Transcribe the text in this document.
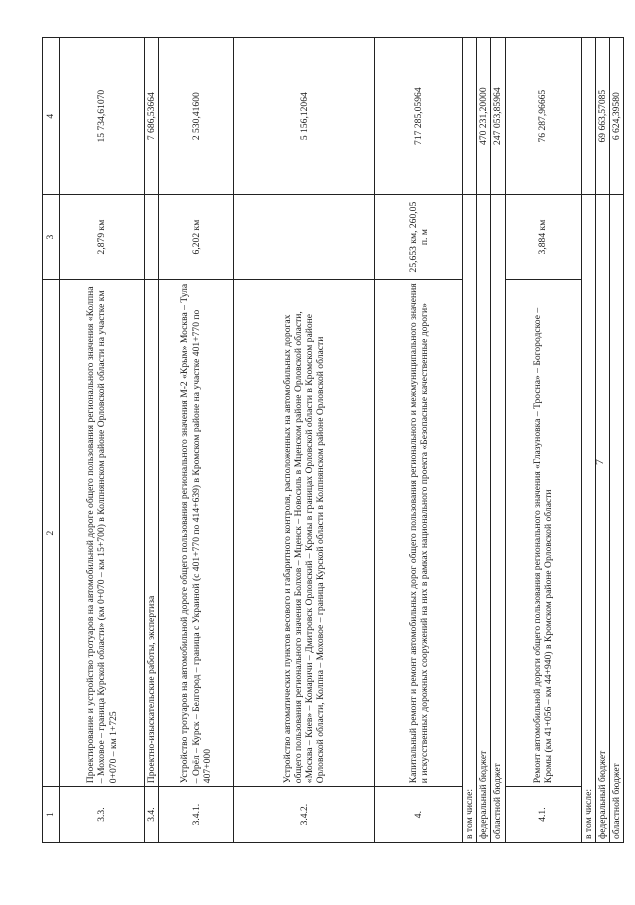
1	2	3	4
3.3.	Проектирование и устройство тротуаров на автомобильной дороге общего пользования регионального значения «Колпна – Моховое – граница Курской области» (км 0+070 – км 15+700) в Колпнянском районе Орловской области на участке км 0+070 – км 1+725	2,879 км	15 734,61070
3.4.	Проектно-изыскательские работы, экспертиза		7 686,53664
3.4.1.	Устройство тротуаров на автомобильной дороге общего пользования регионального значения М-2 «Крым» Москва – Тула – Орёл – Курск – Белгород – граница с Украиной (с 401+770 по 414+639) в Кромском районе на участке 401+770 по 407+000	6,202 км	2 530,41600
3.4.2.	Устройство автоматических пунктов весового и габаритного контроля, расположенных на автомобильных дорогах общего пользования регионального значения Болхов – Мценск – Новосиль в Мценском районе Орловской области, «Москва – Киев» – Комаричи – Дмитровск Орловский – Кромы в границах Орловской области в Кромском районе Орловской области, Колпна – Моховое – граница Курской области в Колпнянском районе Орловской области		5 156,12064
4.	Капитальный ремонт и ремонт автомобильных дорог общего пользования регионального и межмуниципального значения и искусственных дорожных сооружений на них в рамках национального проекта «Безопасные качественные дороги»	25,653 км, 260,05 п. м	717 285,05964
в том числе:			
федеральный бюджет			470 231,20000
областной бюджет			247 053,85964
4.1.	Ремонт автомобильной дороги общего пользования регионального значения «Глазуновка – Тросна» – Богородское – Кромы (км 41+056 – км 44+940) в Кромском районе Орловской области	3,884 км	76 287,96665
в том числе:			
федеральный бюджет			69 663,57085
областной бюджет			6 624,39580
7
